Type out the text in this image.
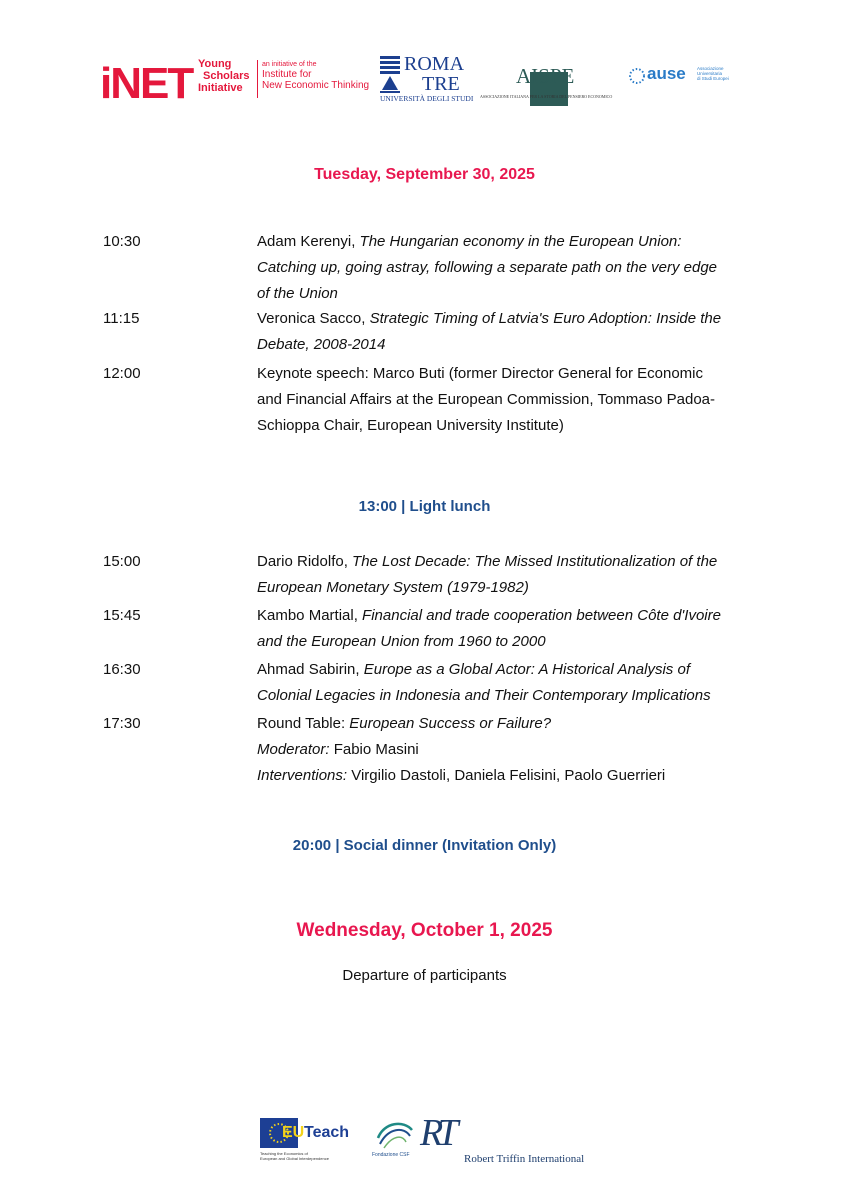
iNET Young
Scholars
Initiative
an initiative of the
Institute for
New Economic Thinking
ROMA
TRE
UNIVERSITÀ DEGLI STUDI
AISPE
ASSOCIAZIONE ITALIANA PER LA STORIA DEL PENSIERO ECONOMICO
ause	Associazione
Universitaria
di Studi Europei
Tuesday, September 30, 2025
10:30	Adam Kerenyi, The Hungarian economy in the European Union:
Catching up, going astray, following a separate path on the very edge
of the Union
11:15	Veronica Sacco, Strategic Timing of Latvia's Euro Adoption: Inside the
Debate, 2008-2014
12:00	Keynote speech: Marco Buti (former Director General for Economic
and Financial Affairs at the European Commission, Tommaso Padoa-
Schioppa Chair, European University Institute)
13:00 | Light lunch
15:00	Dario Ridolfo, The Lost Decade: The Missed Institutionalization of the
European Monetary System (1979-1982)
15:45	Kambo Martial, Financial and trade cooperation between Côte d'Ivoire
and the European Union from 1960 to 2000
16:30	Ahmad Sabirin, Europe as a Global Actor: A Historical Analysis of
Colonial Legacies in Indonesia and Their Contemporary Implications
17:30	Round Table: European Success or Failure?
Moderator: Fabio Masini
Interventions: Virgilio Dastoli, Daniela Felisini, Paolo Guerrieri
20:00 | Social dinner (Invitation Only)
Wednesday, October 1, 2025
Departure of participants
EU Teach
Teaching the Economics of
European and Global Interdependence
Fondazione CSF
RT
Robert Triffin International
